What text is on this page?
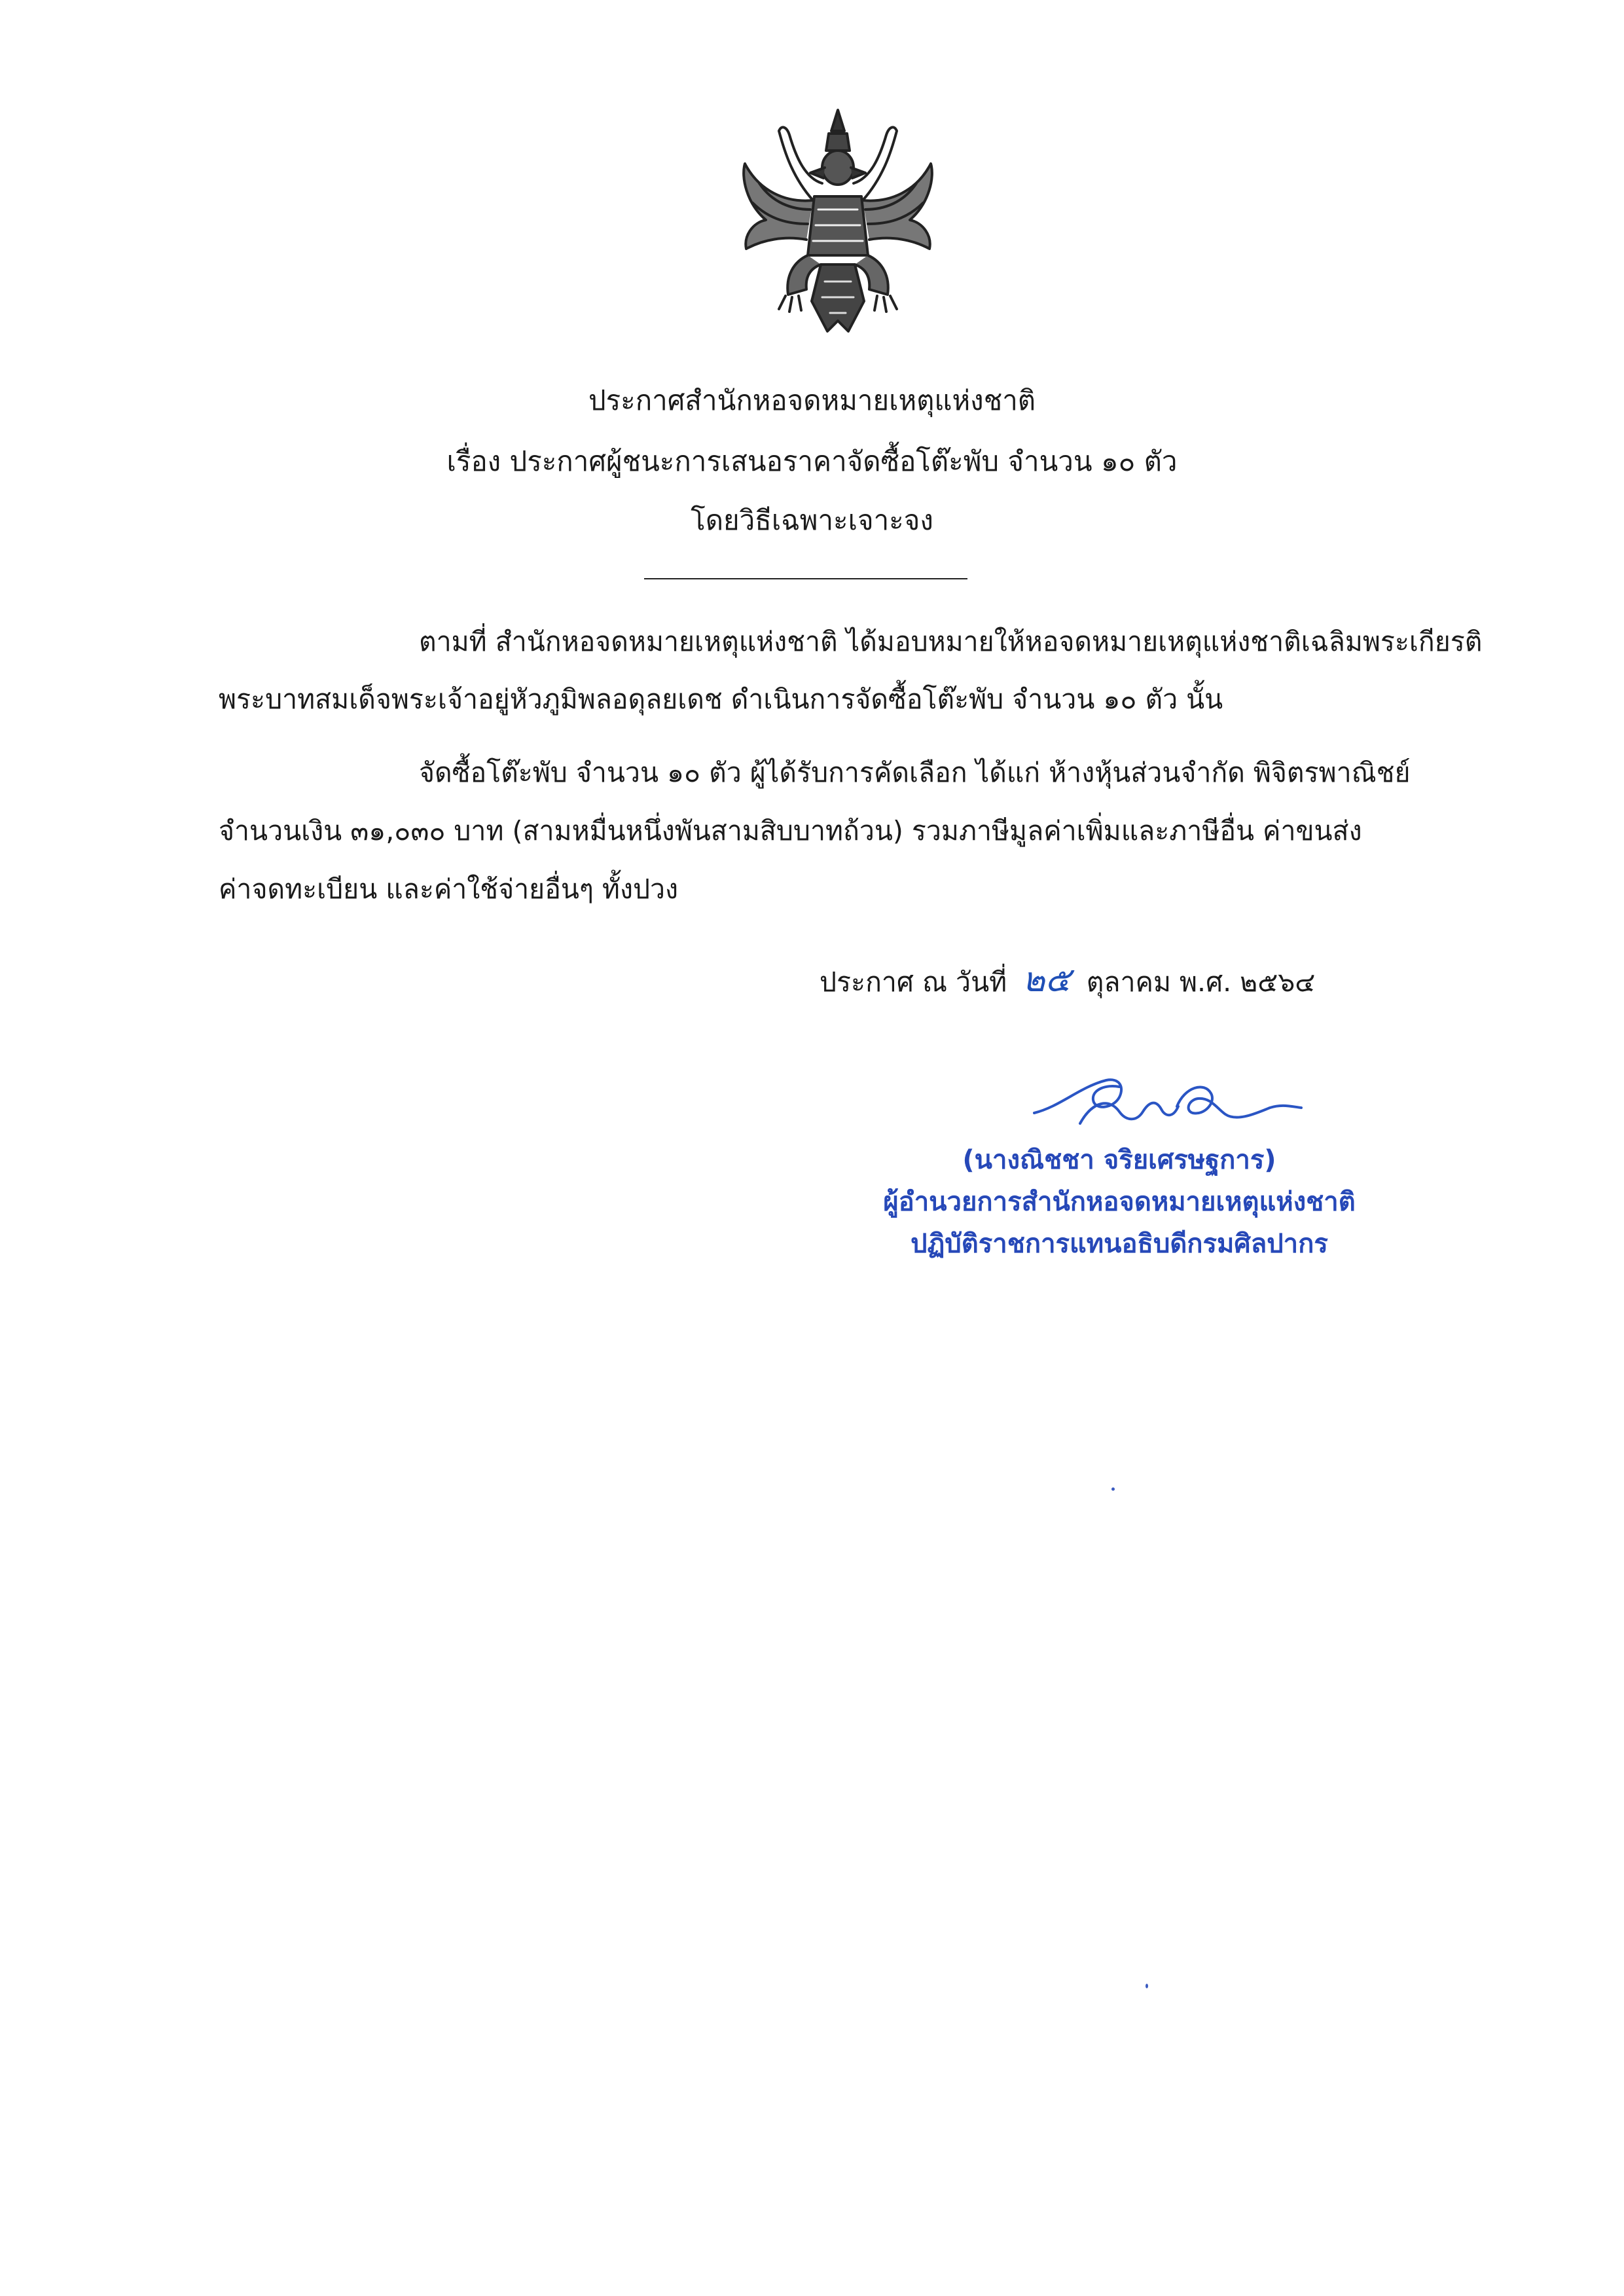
ประกาศสำนักหอจดหมายเหตุแห่งชาติ
เรื่อง ประกาศผู้ชนะการเสนอราคาจัดซื้อโต๊ะพับ จำนวน ๑๐ ตัว
โดยวิธีเฉพาะเจาะจง
ตามที่ สำนักหอจดหมายเหตุแห่งชาติ ได้มอบหมายให้หอจดหมายเหตุแห่งชาติเฉลิมพระเกียรติ
พระบาทสมเด็จพระเจ้าอยู่หัวภูมิพลอดุลยเดช ดำเนินการจัดซื้อโต๊ะพับ จำนวน ๑๐ ตัว นั้น
จัดซื้อโต๊ะพับ จำนวน ๑๐ ตัว ผู้ได้รับการคัดเลือก ได้แก่ ห้างหุ้นส่วนจำกัด พิจิตรพาณิชย์
จำนวนเงิน ๓๑,๐๓๐ บาท (สามหมื่นหนึ่งพันสามสิบบาทถ้วน) รวมภาษีมูลค่าเพิ่มและภาษีอื่น ค่าขนส่ง
ค่าจดทะเบียน และค่าใช้จ่ายอื่นๆ ทั้งปวง
ประกาศ ณ วันที่ ๒๕ ตุลาคม พ.ศ. ๒๕๖๔
(นางณิชชา จริยเศรษฐการ)
ผู้อำนวยการสำนักหอจดหมายเหตุแห่งชาติ
ปฏิบัติราชการแทนอธิบดีกรมศิลปากร
